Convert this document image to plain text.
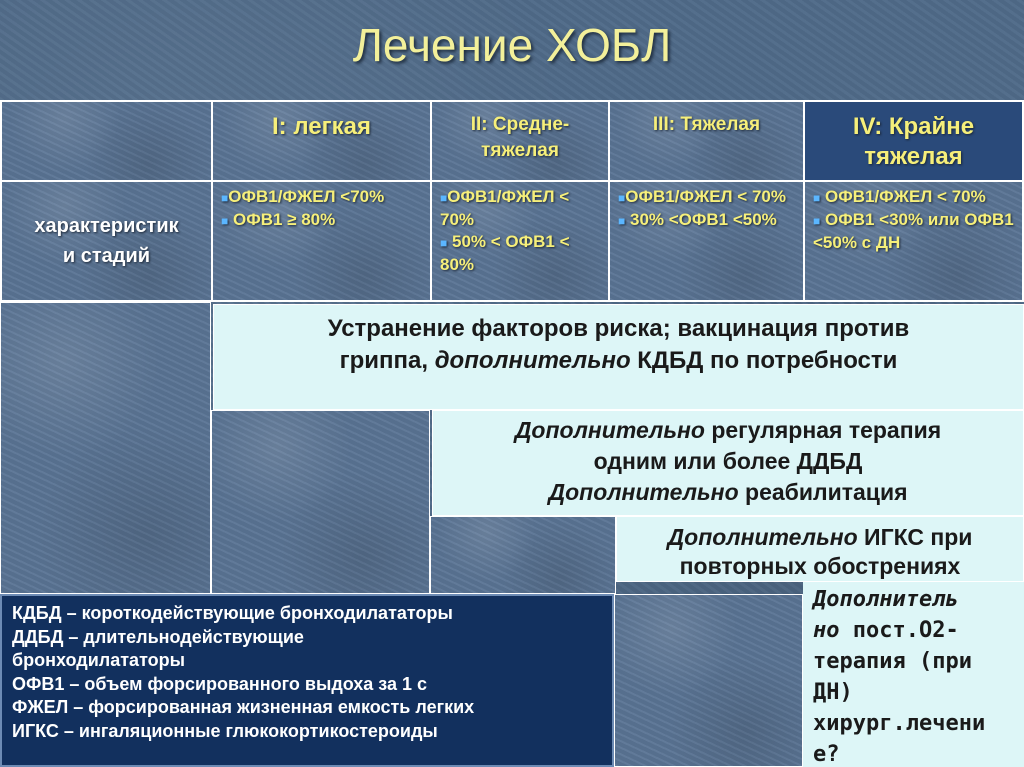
Лечение ХОБЛ
I: легкая	II: Средне-
тяжелая
III: Тяжелая	IV: Крайне
тяжелая
характеристик
и стадий
■ОФВ1/ФЖЕЛ <70%
■ ОФВ1 ≥ 80%
■ОФВ1/ФЖЕЛ < 70%
■ 50% < ОФВ1 < 80%
■ОФВ1/ФЖЕЛ < 70%
■ 30% <ОФВ1 <50%
■ ОФВ1/ФЖЕЛ < 70%
■ ОФВ1 <30% или ОФВ1 <50% с ДН
Устранение факторов риска; вакцинация против
гриппа, дополнительно КДБД по потребности
Дополнительно регулярная терапия
одним или более ДДБД
Дополнительно реабилитация
Дополнительно ИГКС при
повторных обострениях
Дополнитель
но пост.О2-
терапия (при
ДН)
хирург.лечени
е?
КДБД – короткодействующие бронходилататоры
ДДБД – длительнодействующие
бронходилататоры
ОФВ1 – объем форсированного выдоха за 1 с
ФЖЕЛ – форсированная жизненная емкость легких
ИГКС – ингаляционные глюкокортикостероиды
